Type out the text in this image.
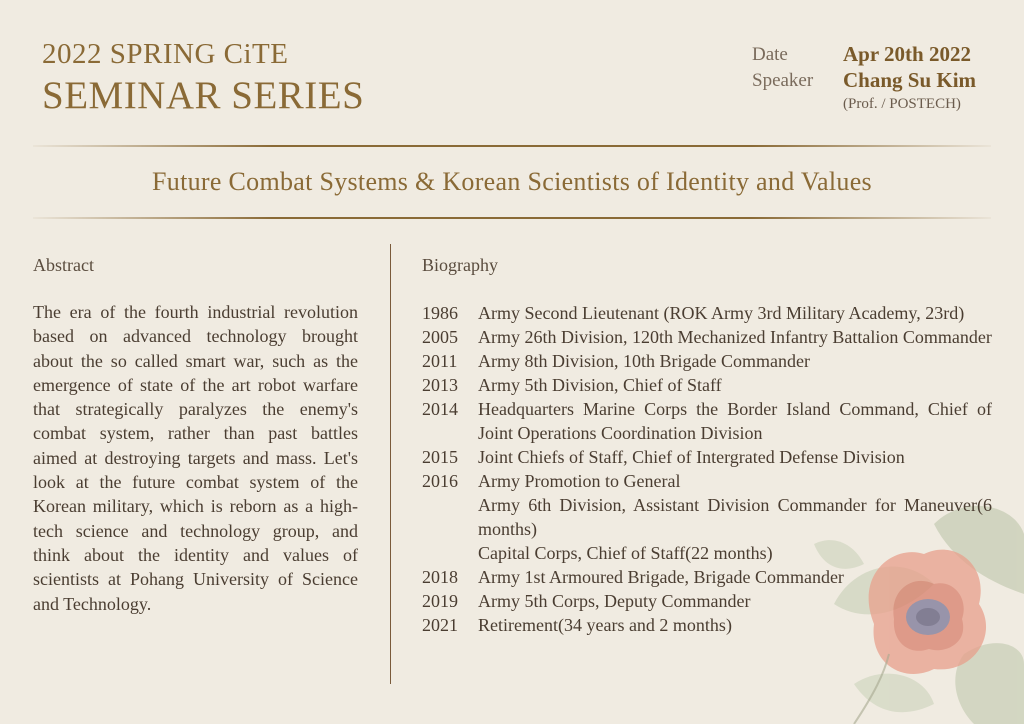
2022 SPRING CiTE
SEMINAR SERIES
Date	Apr 20th 2022
Speaker Chang Su Kim
(Prof. / POSTECH)
Future Combat Systems & Korean Scientists of Identity and Values
Abstract

The era of the fourth industrial revolution based on advanced technology brought about the so called smart war, such as the emergence of state of the art robot warfare that strategically paralyzes the enemy's combat system, rather than past battles aimed at destroying targets and mass. Let's look at the future combat system of the Korean military, which is reborn as a high-tech science and technology group, and think about the identity and values of scientists at Pohang University of Science and Technology.

Biography
1986	Army Second Lieutenant (ROK Army 3rd Military Academy, 23rd)
2005	Army 26th Division, 120th Mechanized Infantry Battalion Commander
2011	Army 8th Division, 10th Brigade Commander
2013	Army 5th Division, Chief of Staff
2014	Headquarters Marine Corps the Border Island Command, Chief of Joint Operations Coordination Division
2015	Joint Chiefs of Staff, Chief of Intergrated Defense Division
2016	Army Promotion to General
Army 6th Division, Assistant Division Commander for Maneuver(6 months)
Capital Corps, Chief of Staff(22 months)
2018	Army 1st Armoured Brigade, Brigade Commander
2019	Army 5th Corps, Deputy Commander
2021	Retirement(34 years and 2 months)
